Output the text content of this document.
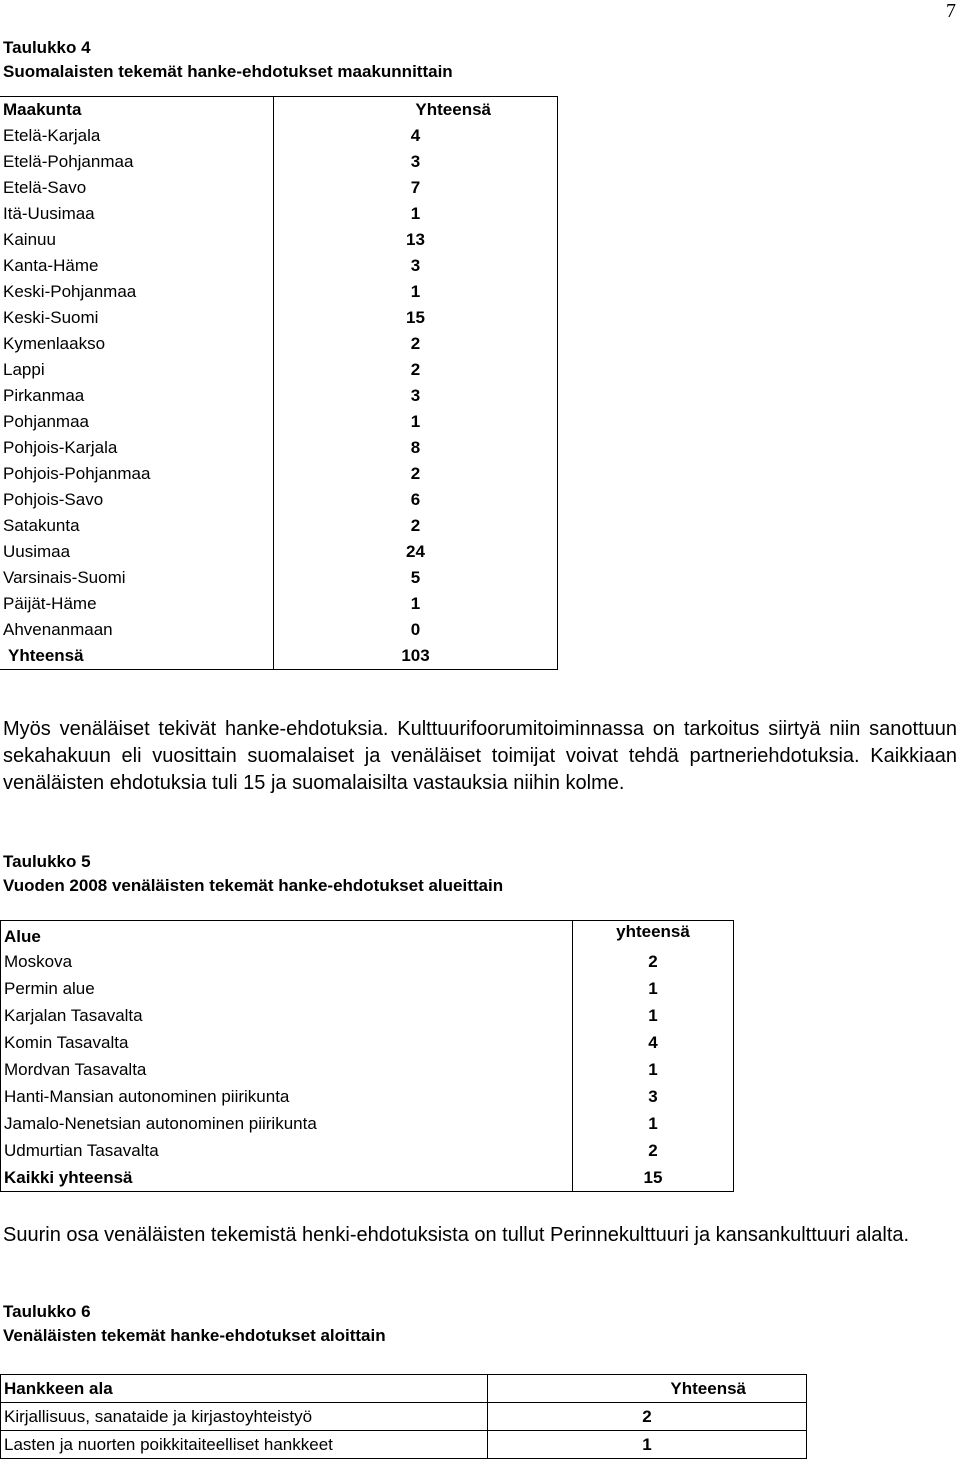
7
Taulukko 4
Suomalaisten tekemät hanke-ehdotukset maakunnittain
Maakunta	Yhteensä
Etelä-Karjala	4
Etelä-Pohjanmaa	3
Etelä-Savo	7
Itä-Uusimaa	1
Kainuu	13
Kanta-Häme	3
Keski-Pohjanmaa	1
Keski-Suomi	15
Kymenlaakso	2
Lappi	2
Pirkanmaa	3
Pohjanmaa	1
Pohjois-Karjala	8
Pohjois-Pohjanmaa	2
Pohjois-Savo	6
Satakunta	2
Uusimaa	24
Varsinais-Suomi	5
Päijät-Häme	1
Ahvenanmaan	0
Yhteensä	103
Myös venäläiset tekivät hanke-ehdotuksia. Kulttuurifoorumitoiminnassa on tarkoitus siirtyä niin sanottuun sekahakuun eli vuosittain suomalaiset ja venäläiset toimijat voivat tehdä partneriehdotuksia. Kaikkiaan venäläisten ehdotuksia tuli 15 ja suomalaisilta vastauksia niihin kolme.
Taulukko 5
Vuoden 2008 venäläisten tekemät hanke-ehdotukset alueittain
Alue	yhteensä
Moskova	2
Permin alue	1
Karjalan Tasavalta	1
Komin Tasavalta	4
Mordvan Tasavalta	1
Hanti-Mansian autonominen piirikunta	3
Jamalo-Nenetsian autonominen piirikunta	1
Udmurtian Tasavalta	2
Kaikki yhteensä	15
Suurin osa venäläisten tekemistä henki-ehdotuksista on tullut Perinnekulttuuri ja kansankulttuuri alalta.
Taulukko 6
Venäläisten tekemät hanke-ehdotukset aloittain
Hankkeen ala	Yhteensä
Kirjallisuus, sanataide ja kirjastoyhteistyö	2
Lasten ja nuorten poikkitaiteelliset hankkeet	1
